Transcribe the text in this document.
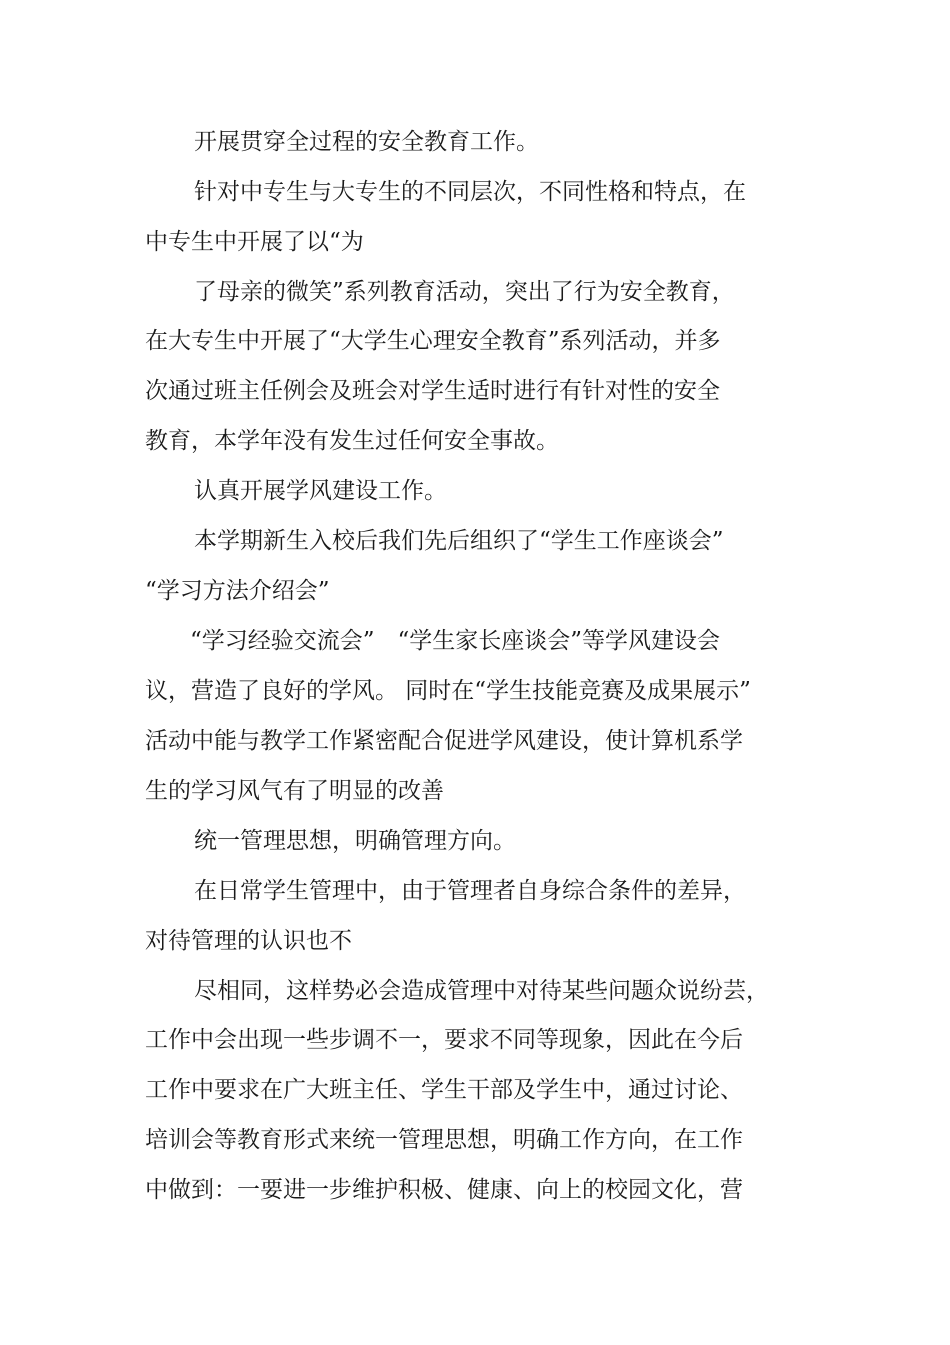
开展贯穿全过程的安全教育工作。
针对中专生与大专生的不同层次，不同性格和特点，在
中专生中开展了以“为
了母亲的微笑”系列教育活动，突出了行为安全教育，
在大专生中开展了“大学生心理安全教育”系列活动，并多
次通过班主任例会及班会对学生适时进行有针对性的安全
教育，本学年没有发生过任何安全事故。
认真开展学风建设工作。
本学期新生入校后我们先后组织了“学生工作座谈会”
“学习方法介绍会”
“学习经验交流会”　“学生家长座谈会”等学风建设会
议，营造了良好的学风。 同时在“学生技能竞赛及成果展示”
活动中能与教学工作紧密配合促进学风建设，使计算机系学
生的学习风气有了明显的改善
统一管理思想，明确管理方向。
在日常学生管理中，由于管理者自身综合条件的差异，
对待管理的认识也不
尽相同，这样势必会造成管理中对待某些问题众说纷芸，
工作中会出现一些步调不一，要求不同等现象，因此在今后
工作中要求在广大班主任、学生干部及学生中，通过讨论、
培训会等教育形式来统一管理思想，明确工作方向，在工作
中做到：一要进一步维护积极、健康、向上的校园文化，营
